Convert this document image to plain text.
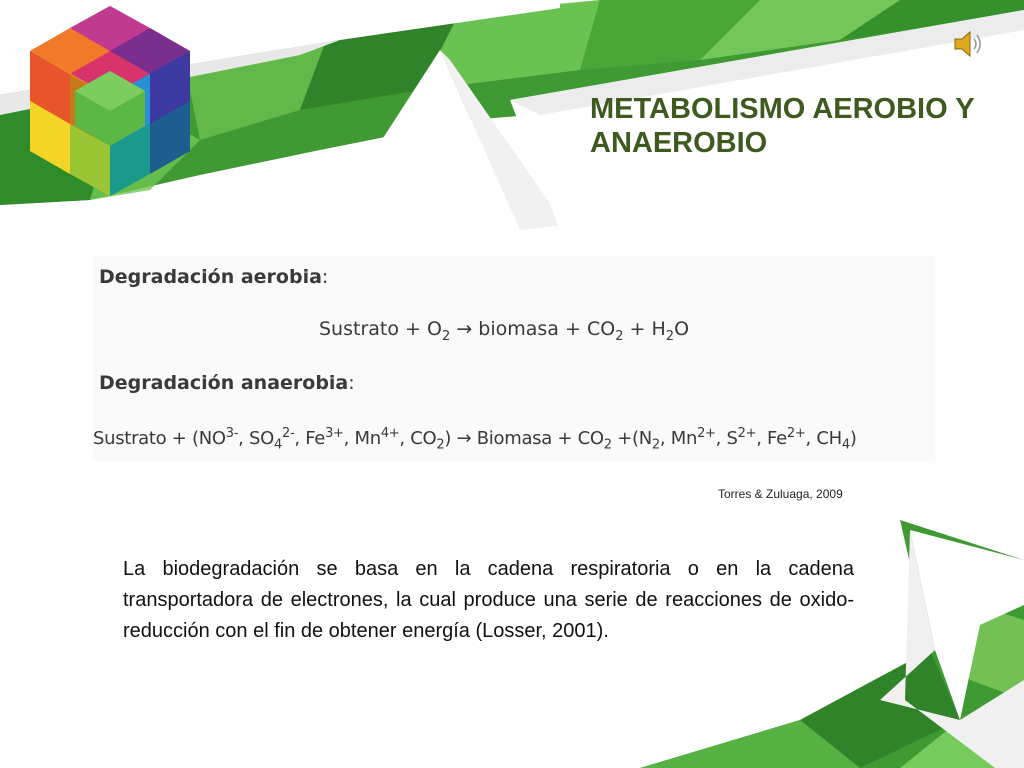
METABOLISMO AEROBIO Y ANAEROBIO
Degradación aerobia:
Sustrato + $O_2$ → biomasa + $CO_2 + H_2O$
Degradación anaerobia:
Sustrato + ($NO^{3-}$, $SO_4^{2-}$, $Fe^{3+}$, $Mn^{4+}$, $CO_2$) → Biomasa + $CO_2 +(N_2$, $Mn^{2+}$, $S^{2+}$, $Fe^{2+}$, $CH_4$)
Torres & Zuluaga, 2009

La biodegradación se basa en la cadena respiratoria o en la cadena transportadora de electrones, la cual produce una serie de reacciones de oxido-reducción con el fin de obtener energía (Losser, 2001).
